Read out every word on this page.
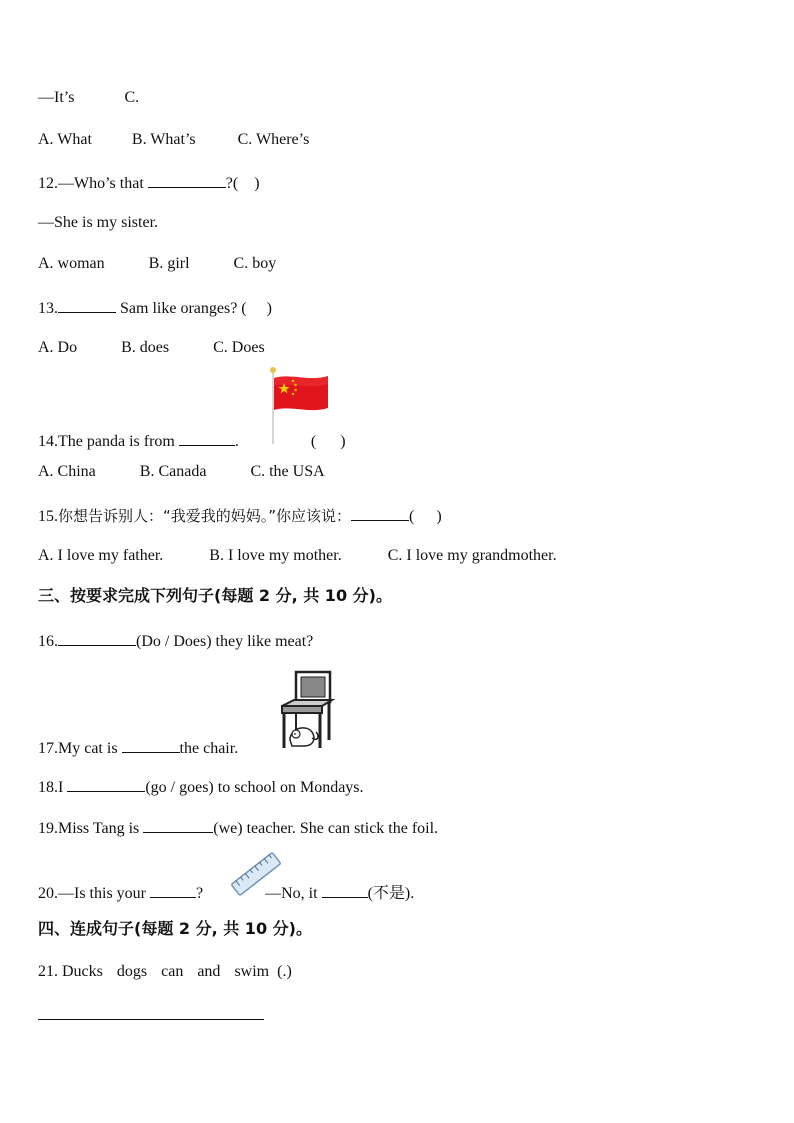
—It’s	C.
A. What	B. What’s	C. Where’s
12.—Who’s that	?( )
—She is my sister.
A. woman	B. girl	C. boy
13.	Sam like oranges? ( )
A. Do	B. does	C. Does
14.The panda is from	.	( )
A. China	B. Canada	C. the USA
15.你想告诉别人：“我爱我的妈妈。”你应该说：	( )
A. I love my father.	B. I love my mother.	C. I love my grandmother.
三、按要求完成下列句子(每题 2 分, 共 10 分)。
16.	(Do / Does) they like meat?
17.My cat is	the chair.
18.I	(go / goes) to school on Mondays.
19.Miss Tang is	(we) teacher. She can stick the foil.
20.—Is this your	?	—No, it	(不是).
四、连成句子(每题 2 分, 共 10 分)。
21. Ducks dogs can and swim (.)
